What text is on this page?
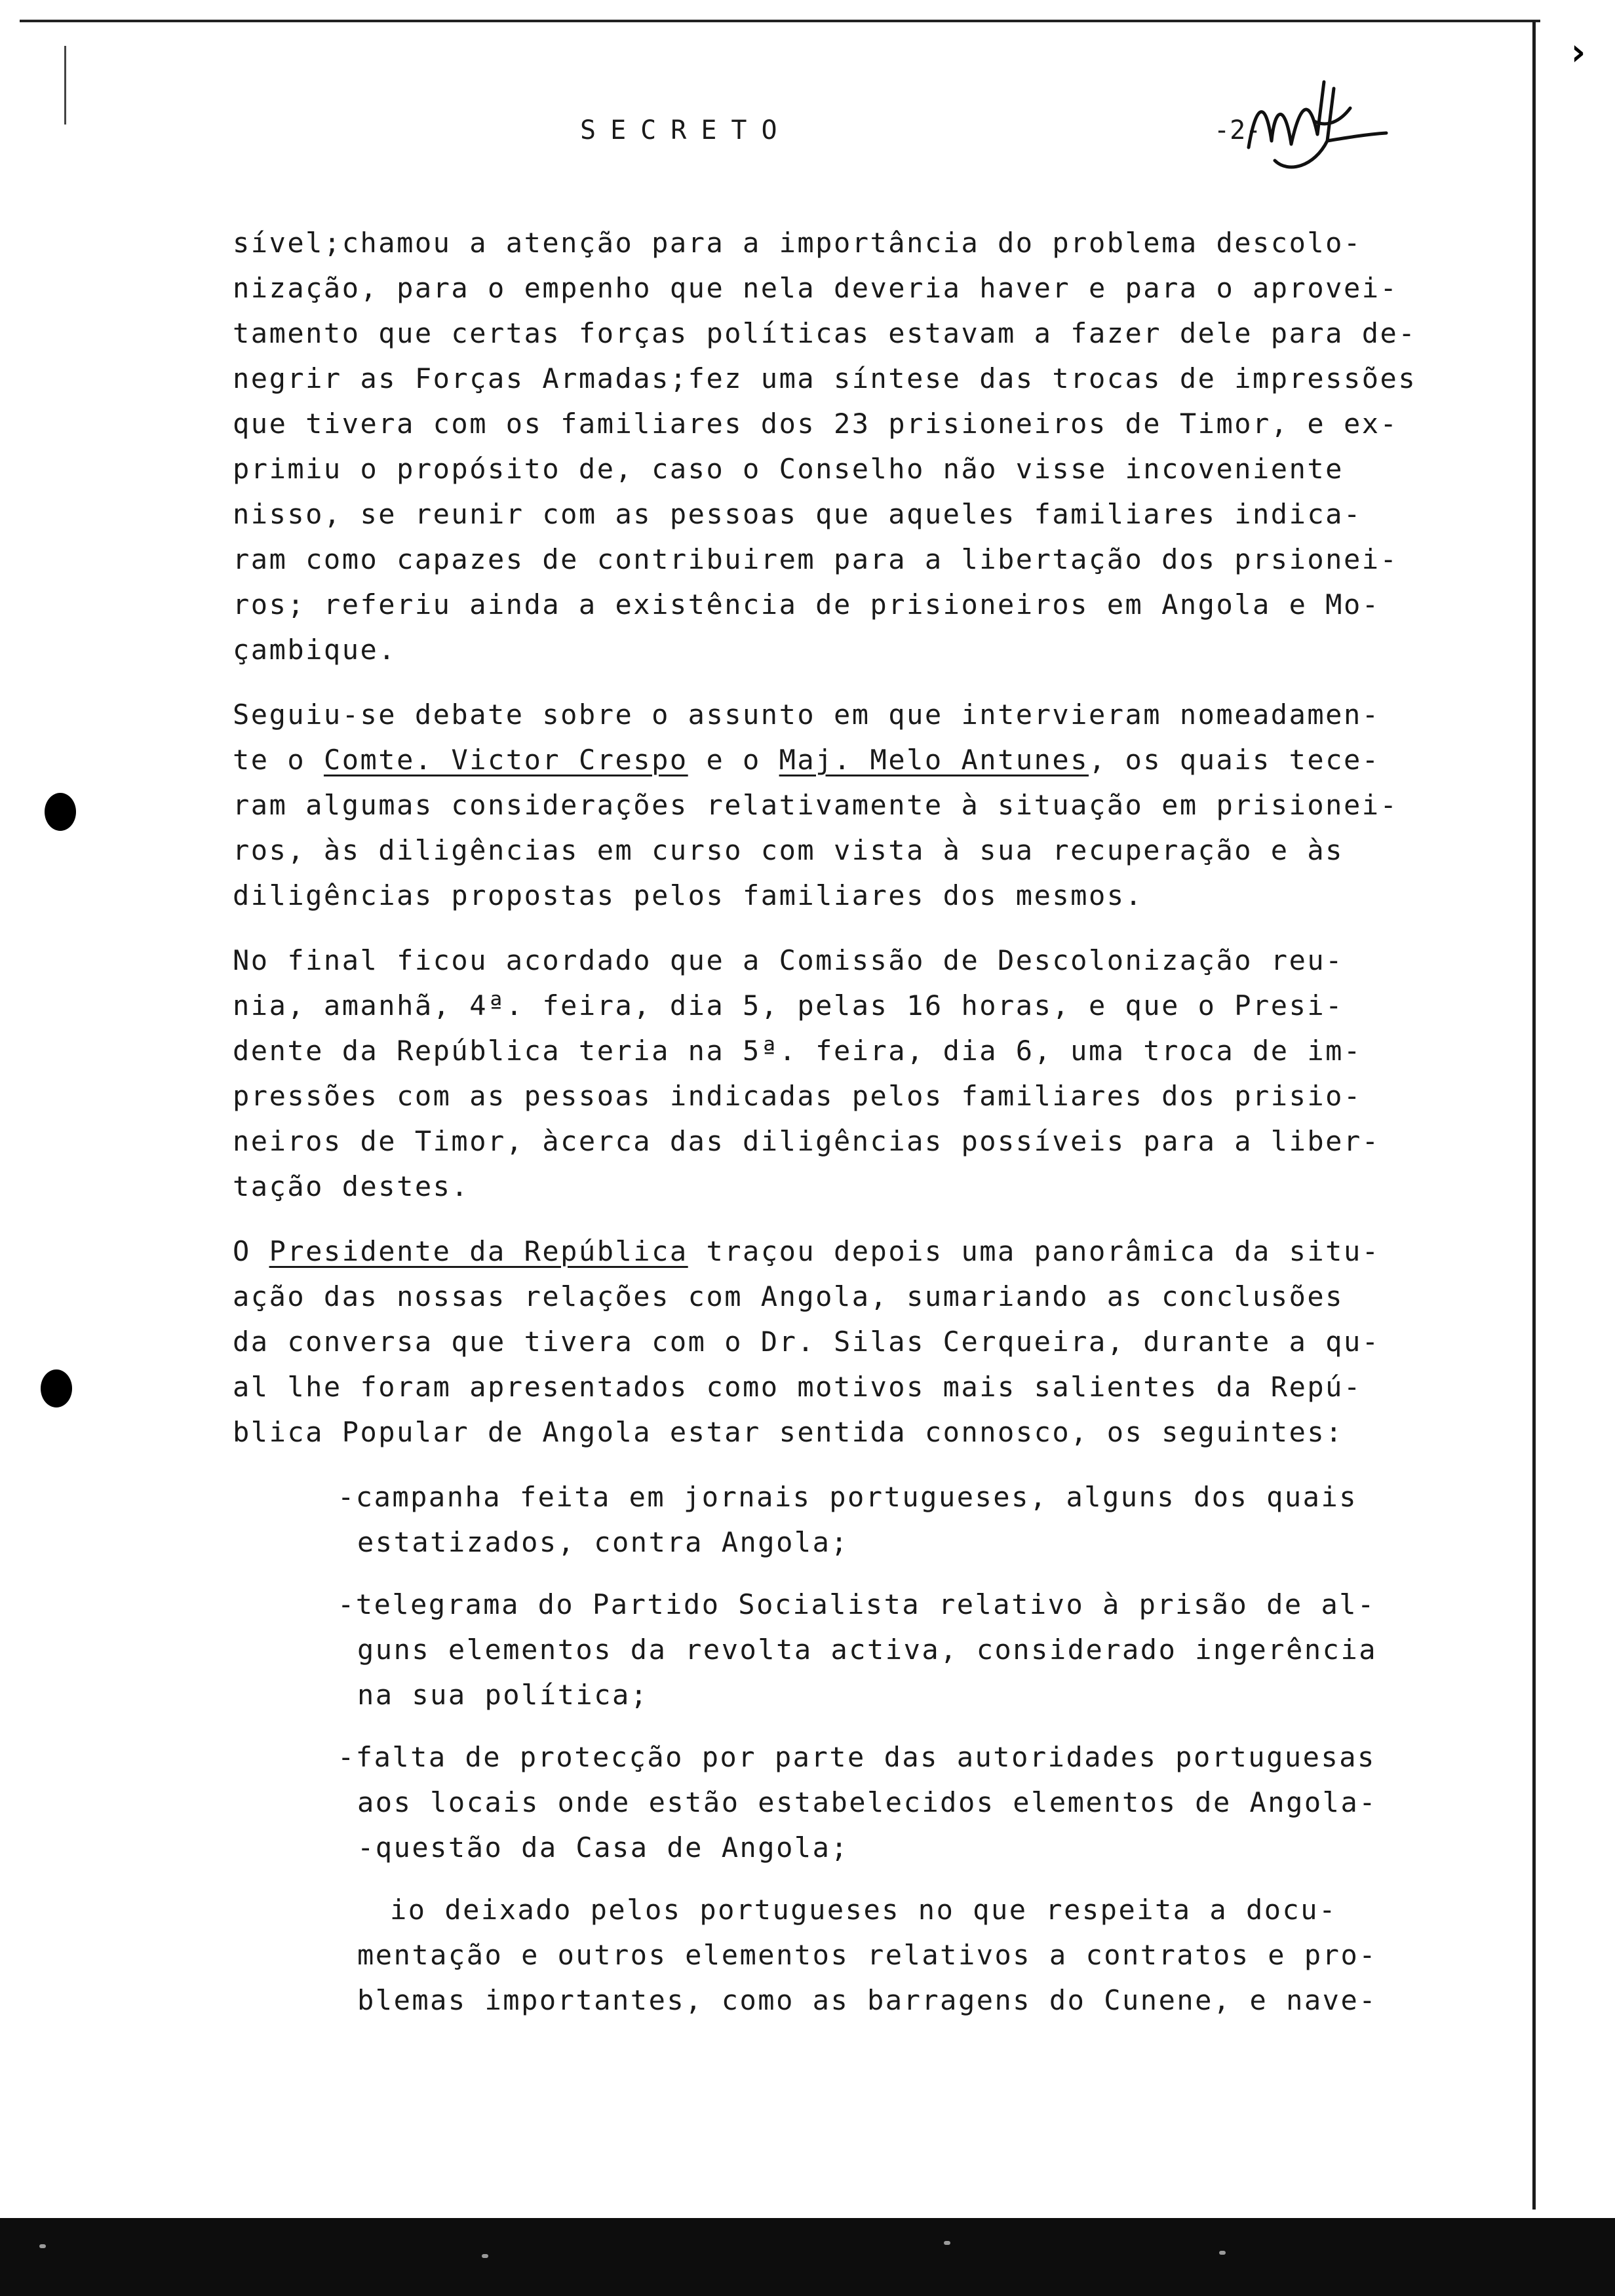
›
SECRETO	-2-

sível;chamou a atenção para a importância do problema descolo-
nização, para o empenho que nela deveria haver e para o aprovei-
tamento que certas forças políticas estavam a fazer dele para de-
negrir as Forças Armadas;fez uma síntese das trocas de impressões
que tivera com os familiares dos 23 prisioneiros de Timor, e ex-
primiu o propósito de, caso o Conselho não visse incoveniente
nisso, se reunir com as pessoas que aqueles familiares indica-
ram como capazes de contribuirem para a libertação dos prsionei-
ros; referiu ainda a existência de prisioneiros em Angola e Mo-
çambique.

Seguiu-se debate sobre o assunto em que intervieram nomeadamen-
te o Comte. Victor Crespo e o Maj. Melo Antunes, os quais tece-
ram algumas considerações relativamente à situação em prisionei-
ros, às diligências em curso com vista à sua recuperação e às
diligências propostas pelos familiares dos mesmos.

No final ficou acordado que a Comissão de Descolonização reu-
nia, amanhã, 4ª. feira, dia 5, pelas 16 horas, e que o Presi-
dente da República teria na 5ª. feira, dia 6, uma troca de im-
pressões com as pessoas indicadas pelos familiares dos prisio-
neiros de Timor, àcerca das diligências possíveis para a liber-
tação destes.

O Presidente da República traçou depois uma panorâmica da situ-
ação das nossas relações com Angola, sumariando as conclusões
da conversa que tivera com o Dr. Silas Cerqueira, durante a qu-
al lhe foram apresentados como motivos mais salientes da Repú-
blica Popular de Angola estar sentida connosco, os seguintes:

-campanha feita em jornais portugueses, alguns dos quais
estatizados, contra Angola;

-telegrama do Partido Socialista relativo à prisão de al-
guns elementos da revolta activa, considerado ingerência
na sua política;

-falta de protecção por parte das autoridades portuguesas
aos locais onde estão estabelecidos elementos de Angola-
-questão da Casa de Angola;

io deixado pelos portugueses no que respeita a docu-
mentação e outros elementos relativos a contratos e pro-
blemas importantes, como as barragens do Cunene, e nave-
